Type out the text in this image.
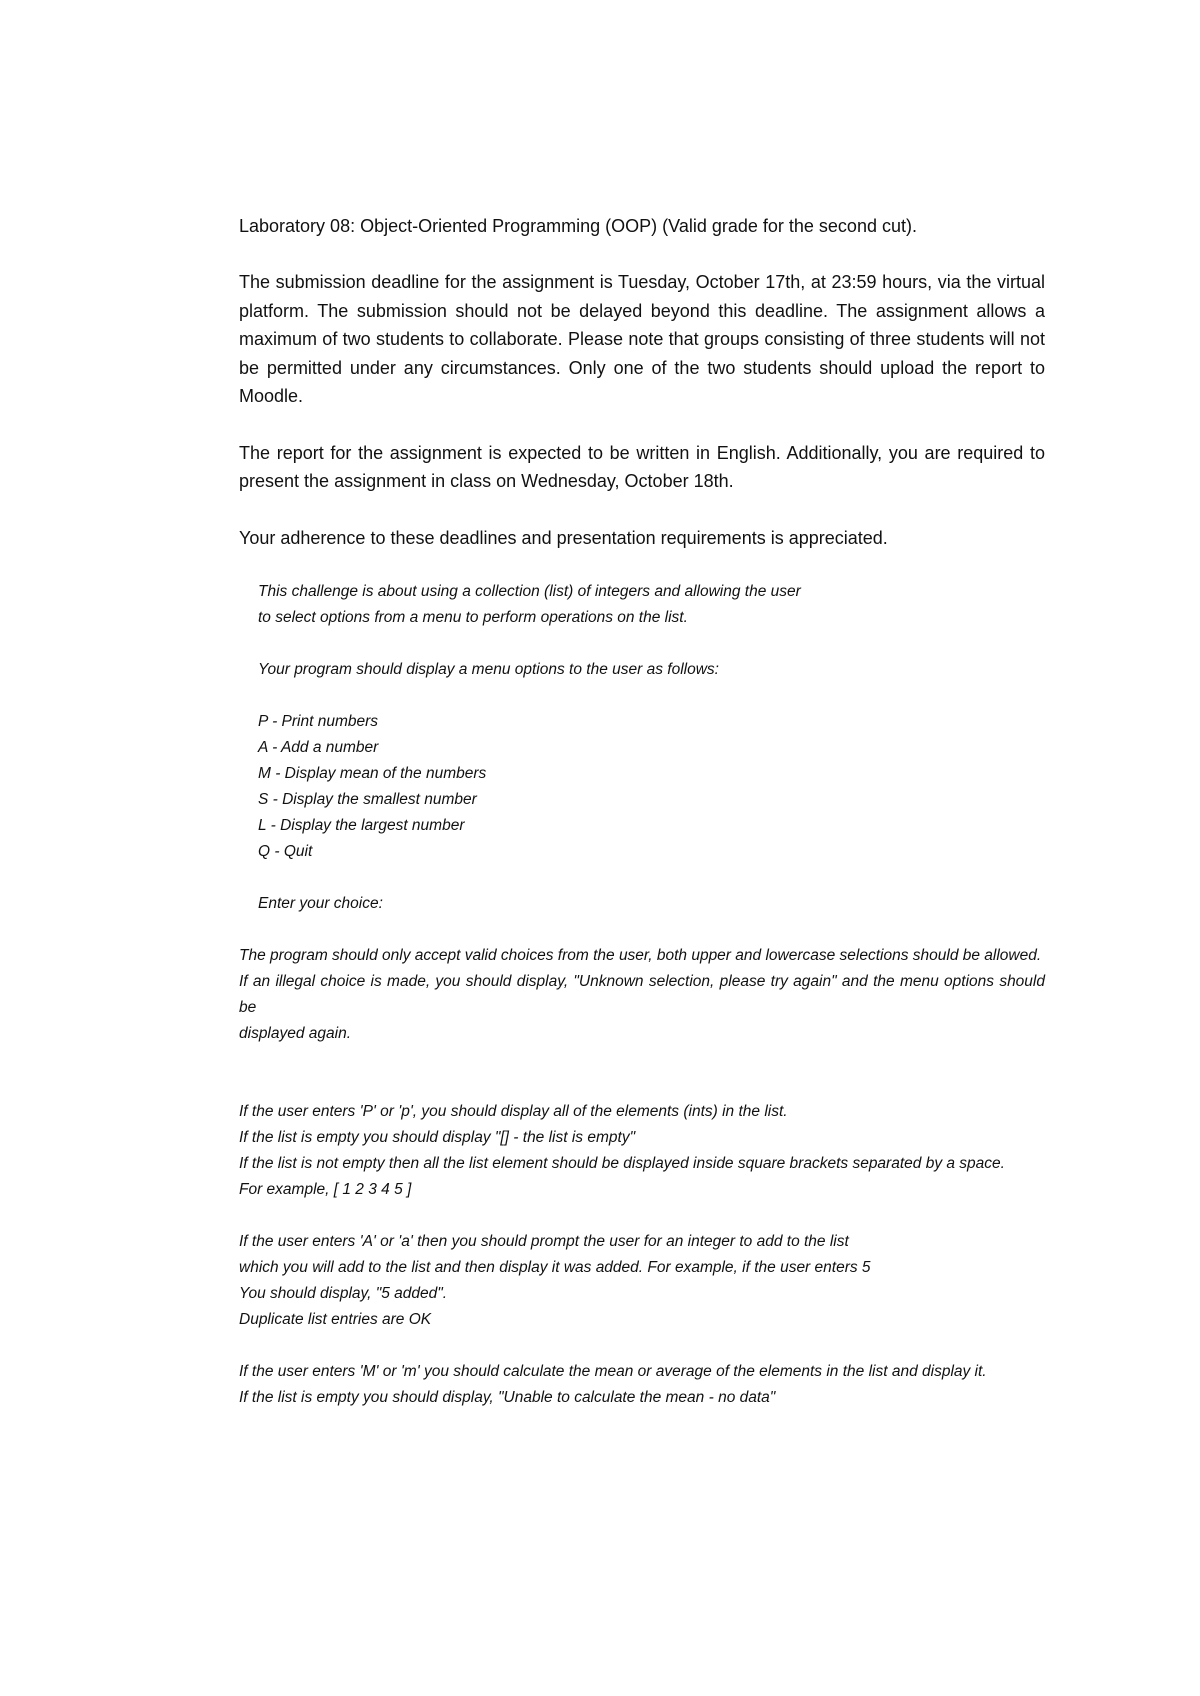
Laboratory 08: Object-Oriented Programming (OOP) (Valid grade for the second cut).

The submission deadline for the assignment is Tuesday, October 17th, at 23:59 hours, via the virtual platform. The submission should not be delayed beyond this deadline. The assignment allows a maximum of two students to collaborate. Please note that groups consisting of three students will not be permitted under any circumstances. Only one of the two students should upload the report to Moodle.

The report for the assignment is expected to be written in English. Additionally, you are required to present the assignment in class on Wednesday, October 18th.

Your adherence to these deadlines and presentation requirements is appreciated.

This challenge is about using a collection (list) of integers and allowing the user
to select options from a menu to perform operations on the list.

Your program should display a menu options to the user as follows:

P - Print numbers
A - Add a number
M - Display mean of the numbers
S - Display the smallest number
L - Display the largest number
Q - Quit

Enter your choice:

The program should only accept valid choices from the user, both upper and lowercase selections should be allowed.

If an illegal choice is made, you should display, "Unknown selection, please try again" and the menu options should be

displayed again.

If the user enters 'P' or 'p', you should display all of the elements (ints) in the list.

If the list is empty you should display "[] - the list is empty"

If the list is not empty then all the list element should be displayed inside square brackets separated by a space.

For example, [ 1 2 3 4 5 ]

If the user enters 'A' or 'a' then you should prompt the user for an integer to add to the list

which you will add to the list and then display it was added. For example, if the user enters 5

You should display, "5 added".

Duplicate list entries are OK

If the user enters 'M' or 'm' you should calculate the mean or average of the elements in the list and display it.

If the list is empty you should display, "Unable to calculate the mean - no data"
